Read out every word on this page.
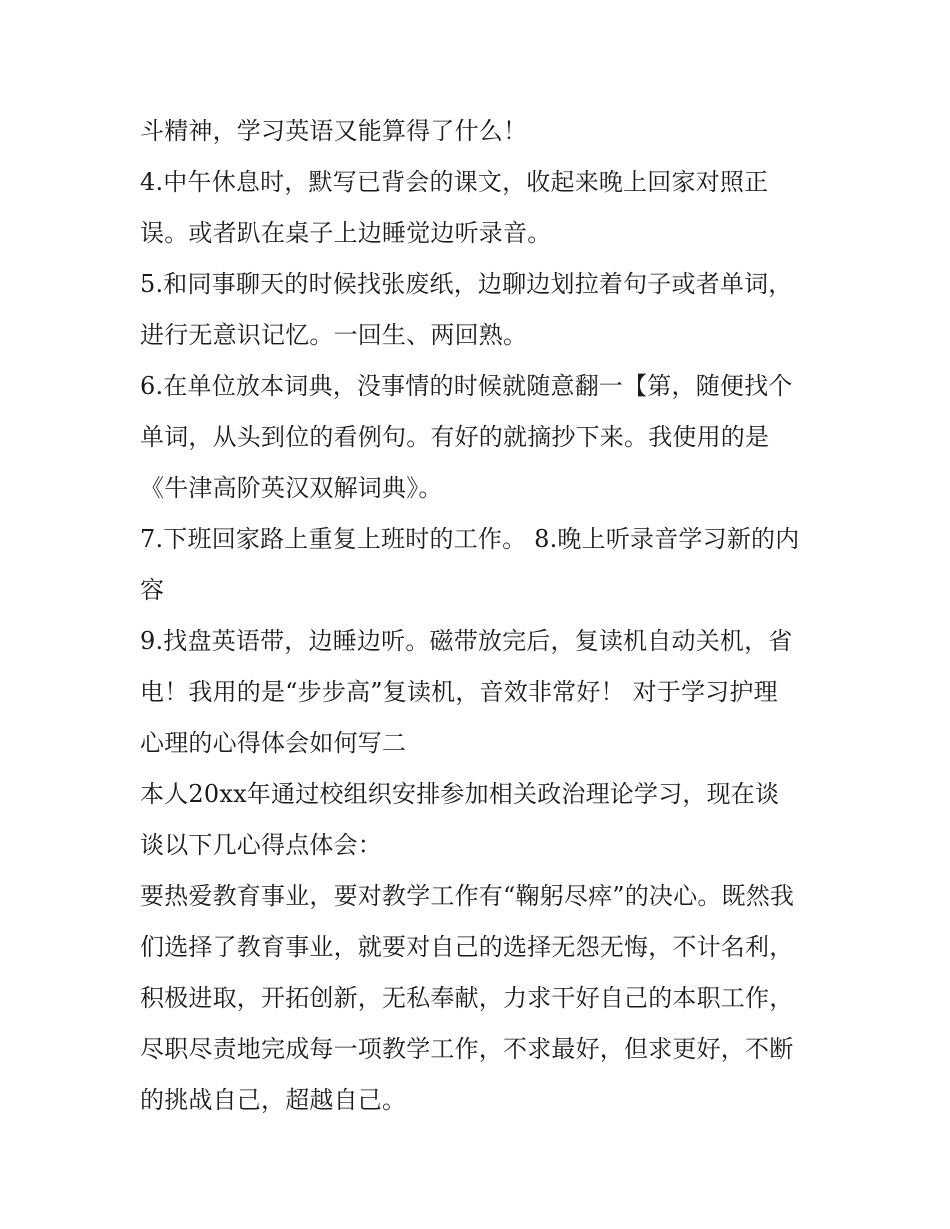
斗精神，学习英语又能算得了什么！
4.中午休息时，默写已背会的课文，收起来晚上回家对照正
误。或者趴在桌子上边睡觉边听录音。
5.和同事聊天的时候找张废纸，边聊边划拉着句子或者单词，
进行无意识记忆。一回生、两回熟。
6.在单位放本词典，没事情的时候就随意翻一【第，随便找个
单词，从头到位的看例句。有好的就摘抄下来。我使用的是
《牛津高阶英汉双解词典》。
7.下班回家路上重复上班时的工作。 8.晚上听录音学习新的内
容
9.找盘英语带，边睡边听。磁带放完后，复读机自动关机，省
电！我用的是“步步高”复读机，音效非常好！ 对于学习护理
心理的心得体会如何写二
本人20xx年通过校组织安排参加相关政治理论学习，现在谈
谈以下几心得点体会：
要热爱教育事业，要对教学工作有“鞠躬尽瘁”的决心。既然我
们选择了教育事业，就要对自己的选择无怨无悔，不计名利，
积极进取，开拓创新，无私奉献，力求干好自己的本职工作，
尽职尽责地完成每一项教学工作，不求最好，但求更好，不断
的挑战自己，超越自己。
